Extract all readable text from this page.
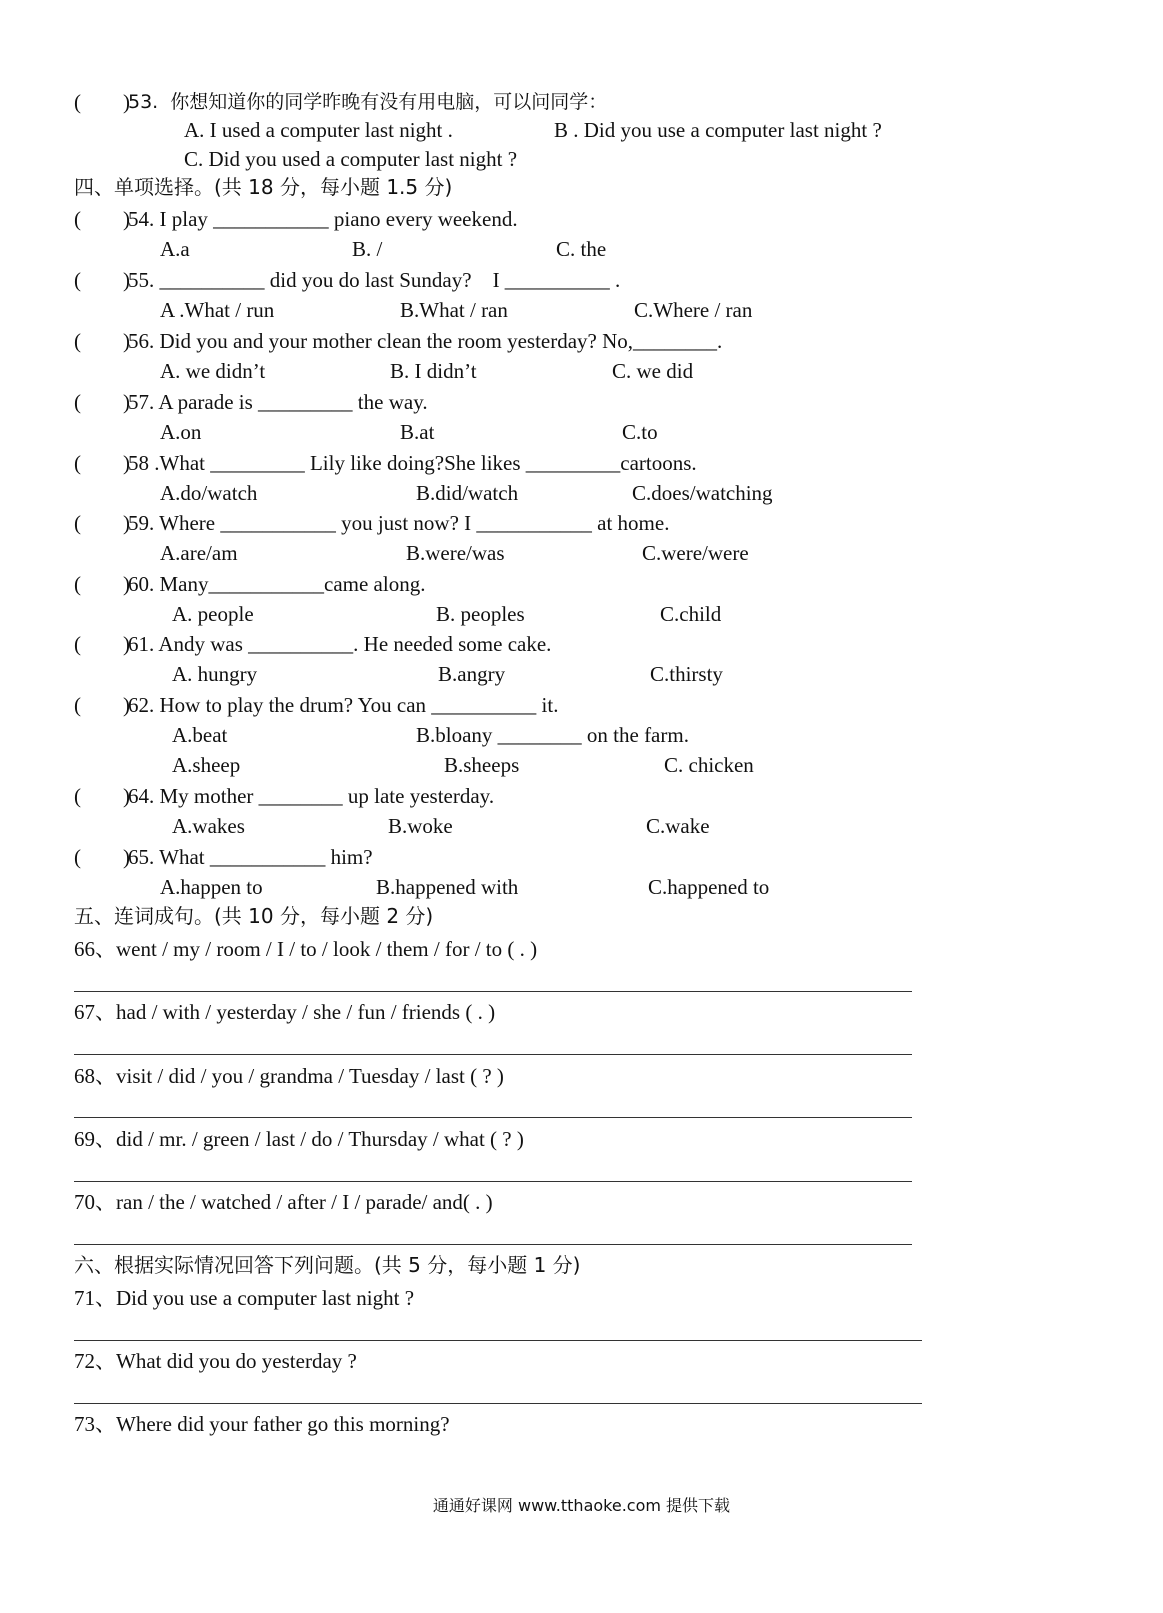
(        )
53.  你想知道你的同学昨晚有没有用电脑，可以问同学：
A. I used a computer last night .	B . Did you use a computer last night ?
C. Did you used a computer last night ?
四、单项选择。(共 18 分，每小题 1.5 分)
(        )
54. I play ___________ piano every weekend.
A.a	B. /	C. the
(        )
55. __________ did you do last Sunday?    I __________ .
A .What / run	B.What / ran	C.Where / ran
(        )
56. Did you and your mother clean the room yesterday? No,________.
A. we didn’t	B. I didn’t	C. we did
(        )
57. A parade is _________ the way.
A.on	B.at	C.to
(        )
58 .What _________ Lily like doing?She likes _________cartoons.
A.do/watch	B.did/watch	C.does/watching
(        )
59. Where ___________ you just now? I ___________ at home.
A.are/am	B.were/was	C.were/were
(        )
60. Many___________came along.
A. people	B. peoples	C.child
(        )
61. Andy was __________. He needed some cake.
A. hungry	B.angry	C.thirsty
(        )
62. How to play the drum? You can __________ it.
A.beat	B.bloany ________ on the farm.
A.sheep	B.sheeps	C. chicken
(        )
64. My mother ________ up late yesterday.
A.wakes	B.woke	C.wake
(        )
65. What ___________ him?
A.happen to	B.happened with	C.happened to
五、连词成句。(共 10 分，每小题 2 分)
66、went / my / room / I / to / look / them / for / to ( . )
67、had / with / yesterday / she / fun / friends ( . )
68、visit / did / you / grandma / Tuesday / last ( ? )
69、did / mr. / green / last / do / Thursday / what ( ? )
70、ran / the / watched / after / I / parade/ and( . )
六、根据实际情况回答下列问题。(共 5 分，每小题 1 分)
71、Did you use a computer last night ?
72、What did you do yesterday ?
73、Where did your father go this morning?
通通好课网 www.tthaoke.com 提供下载
